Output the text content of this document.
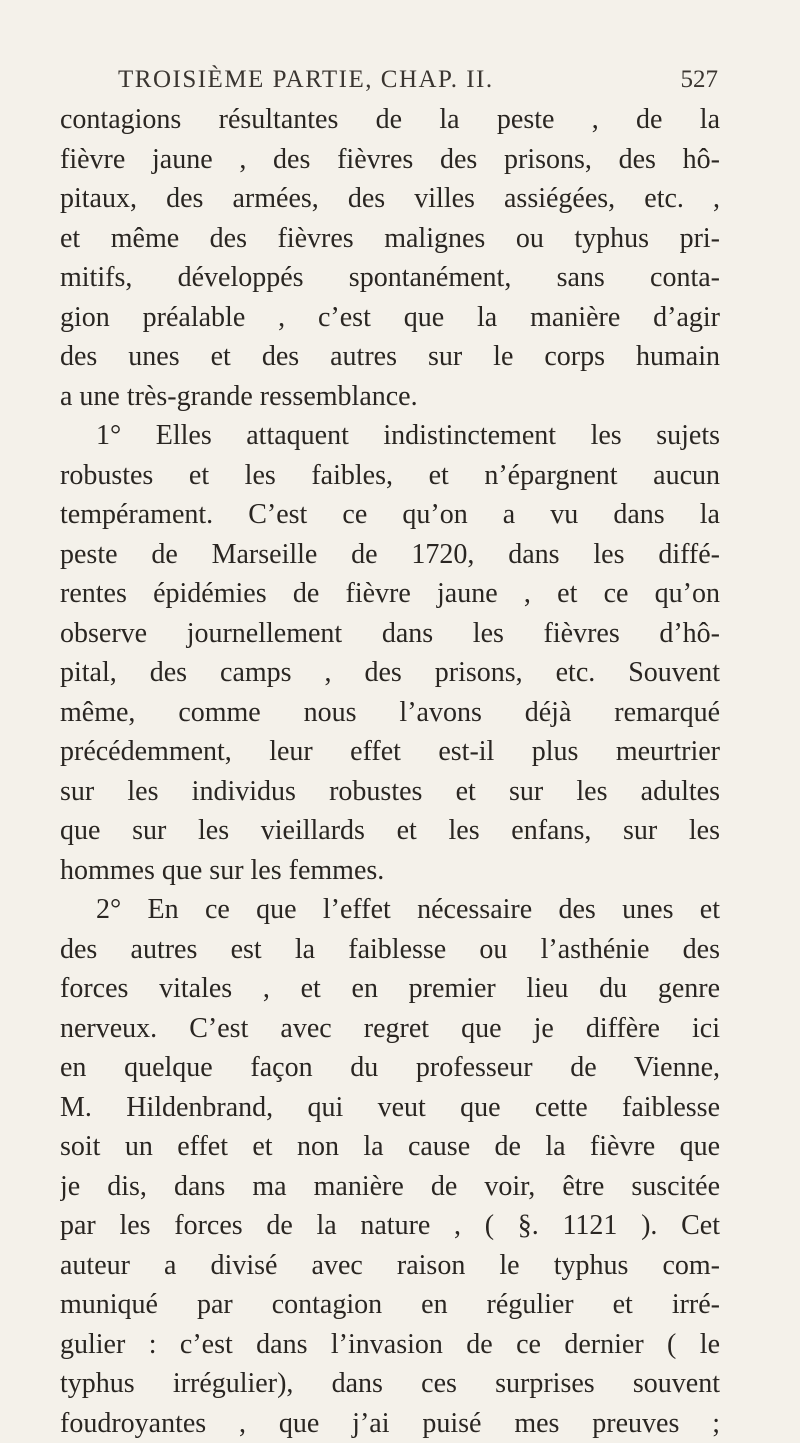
TROISIÈME PARTIE, CHAP. II.	527
contagions résultantes de la peste , de la
fièvre jaune , des fièvres des prisons, des hô-
pitaux, des armées, des villes assiégées, etc. ,
et même des fièvres malignes ou typhus pri-
mitifs, développés spontanément, sans conta-
gion préalable , c’est que la manière d’agir
des unes et des autres sur le corps humain
a une très-grande ressemblance.
1° Elles attaquent indistinctement les sujets
robustes et les faibles, et n’épargnent aucun
tempérament. C’est ce qu’on a vu dans la
peste de Marseille de 1720, dans les diffé-
rentes épidémies de fièvre jaune , et ce qu’on
observe journellement dans les fièvres d’hô-
pital, des camps , des prisons, etc. Souvent
même, comme nous l’avons déjà remarqué
précédemment, leur effet est-il plus meurtrier
sur les individus robustes et sur les adultes
que sur les vieillards et les enfans, sur les
hommes que sur les femmes.
2° En ce que l’effet nécessaire des unes et
des autres est la faiblesse ou l’asthénie des
forces vitales , et en premier lieu du genre
nerveux. C’est avec regret que je diffère ici
en quelque façon du professeur de Vienne,
M. Hildenbrand, qui veut que cette faiblesse
soit un effet et non la cause de la fièvre que
je dis, dans ma manière de voir, être suscitée
par les forces de la nature , ( §. 1121 ). Cet
auteur a divisé avec raison le typhus com-
muniqué par contagion en régulier et irré-
gulier : c’est dans l’invasion de ce dernier ( le
typhus irrégulier), dans ces surprises souvent
foudroyantes , que j’ai puisé mes preuves ;
